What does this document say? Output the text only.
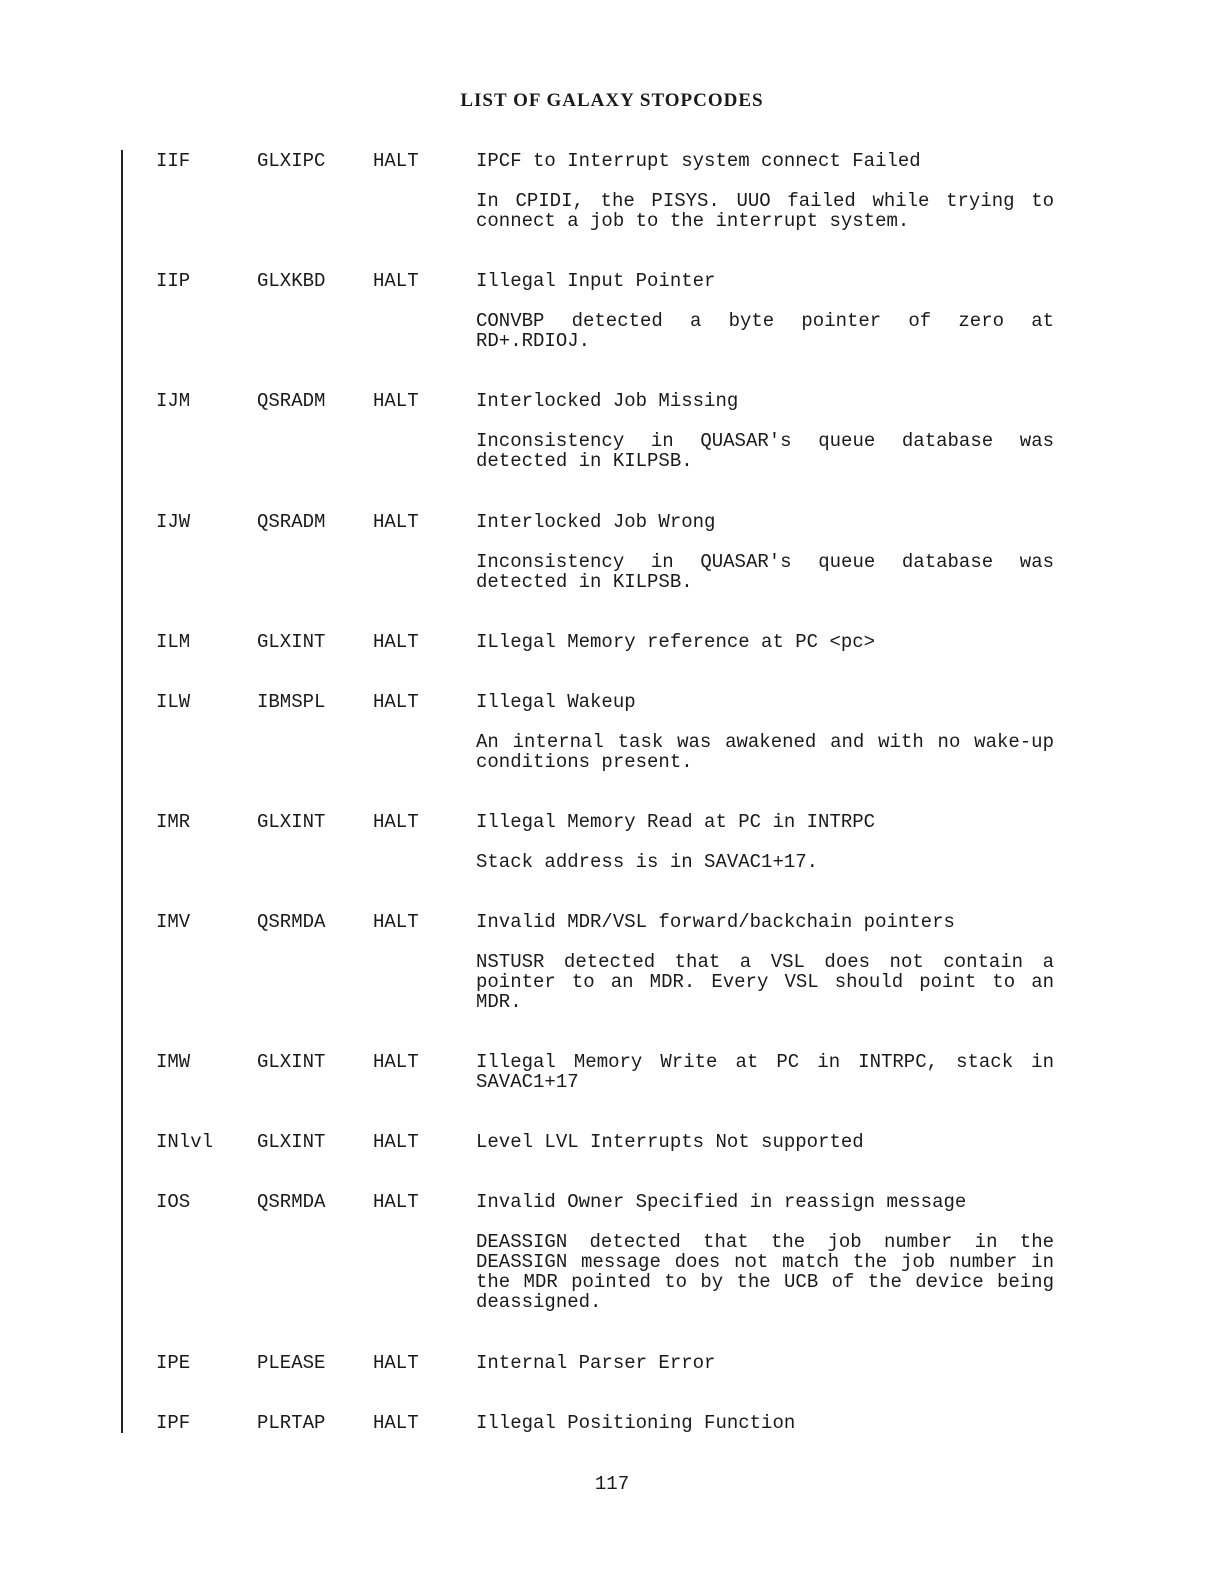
LIST OF GALAXY STOPCODES
IIF	GLXIPC	HALT	IPCF to Interrupt system connect Failed
In CPIDI, the PISYS. UUO failed while trying to connect a job to the interrupt system.
IIP	GLXKBD	HALT	Illegal Input Pointer
CONVBP detected a byte pointer of zero at RD+.RDIOJ.
IJM	QSRADM	HALT	Interlocked Job Missing
Inconsistency in QUASAR's queue database was detected in KILPSB.
IJW	QSRADM	HALT	Interlocked Job Wrong
Inconsistency in QUASAR's queue database was detected in KILPSB.
ILM	GLXINT	HALT	ILlegal Memory reference at PC <pc>
ILW	IBMSPL	HALT	Illegal Wakeup
An internal task was awakened and with no wake-up conditions present.
IMR	GLXINT	HALT	Illegal Memory Read at PC in INTRPC
Stack address is in SAVAC1+17.
IMV	QSRMDA	HALT	Invalid MDR/VSL forward/backchain pointers
NSTUSR detected that a VSL does not contain a pointer to an MDR. Every VSL should point to an MDR.
IMW	GLXINT	HALT	Illegal Memory Write at PC in INTRPC, stack in SAVAC1+17
INlvl GLXINT	HALT	Level LVL Interrupts Not supported
IOS	QSRMDA	HALT	Invalid Owner Specified in reassign message
DEASSIGN detected that the job number in the DEASSIGN message does not match the job number in the MDR pointed to by the UCB of the device being deassigned.
IPE	PLEASE	HALT	Internal Parser Error
IPF	PLRTAP	HALT	Illegal Positioning Function
117
